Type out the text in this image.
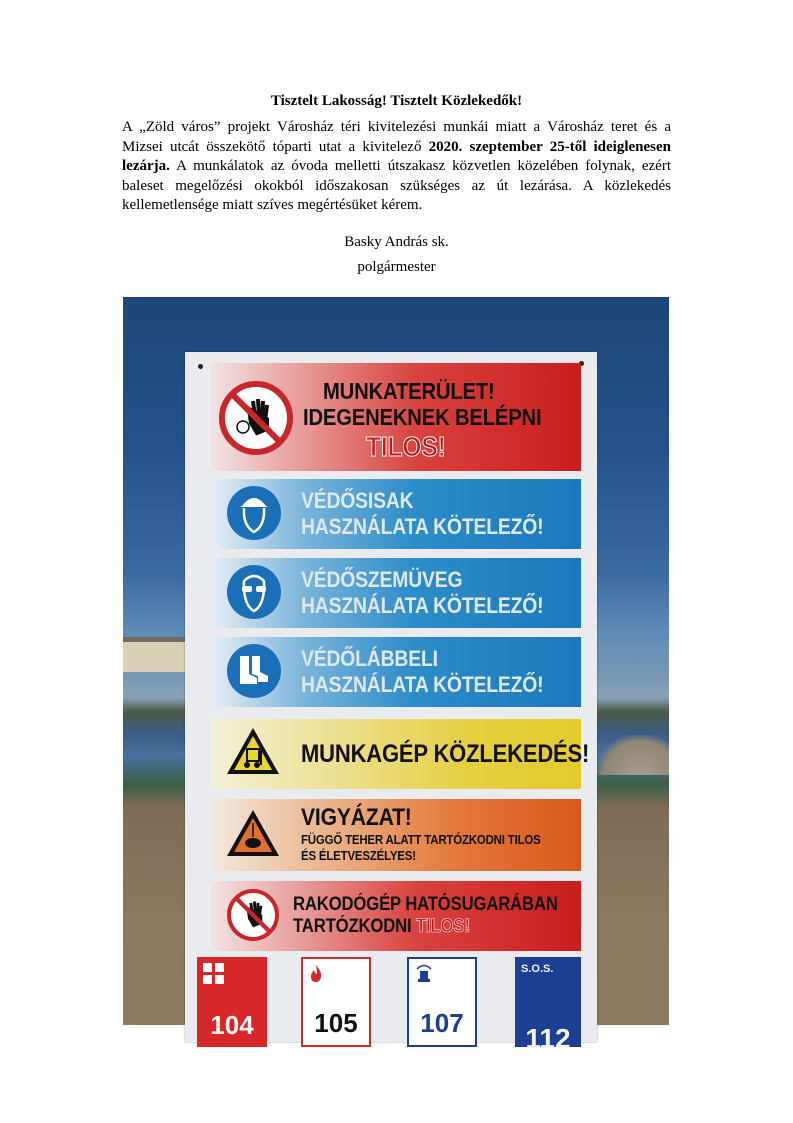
Tisztelt Lakosság! Tisztelt Közlekedők!
A „Zöld város” projekt Városház téri kivitelezési munkái miatt a Városház teret és a Mizsei utcát összekötő tóparti utat a kivitelező 2020. szeptember 25-től ideiglenesen lezárja. A munkálatok az óvoda melletti útszakasz közvetlen közelében folynak, ezért baleset megelőzési okokból időszakosan szükséges az út lezárása. A közlekedés kellemetlensége miatt szíves megértésüket kérem.
Basky András sk.
polgármester
MUNKATERÜLET!
IDEGENEKNEK BELÉPNI
TILOS!
VÉDŐSISAK
HASZNÁLATA KÖTELEZŐ!
VÉDŐSZEMÜVEG
HASZNÁLATA KÖTELEZŐ!
VÉDŐLÁBBELI
HASZNÁLATA KÖTELEZŐ!
MUNKAGÉP KÖZLEKEDÉS!
VIGYÁZAT!
FÜGGŐ TEHER ALATT TARTÓZKODNI TILOS
ÉS ÉLETVESZÉLYES!
RAKODÓGÉP HATÓSUGARÁBAN
TARTÓZKODNI TILOS!
104	105	107
S.O.S.
112
